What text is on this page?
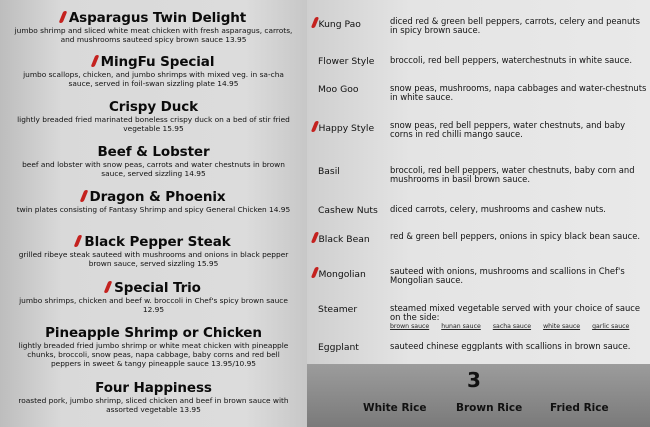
Asparagus Twin Delight
jumbo shrimp and sliced white meat chicken with fresh asparagus, carrots, and mushrooms sauteed spicy brown sauce 13.95
MingFu Special
jumbo scallops, chicken, and jumbo shrimps with mixed veg. in sa-cha sauce, served in foil-swan sizzling plate 14.95
Crispy Duck
lightly breaded fried marinated boneless crispy duck on a bed of stir fried vegetable 15.95
Beef & Lobster
beef and lobster with snow peas, carrots and water chestnuts in brown sauce, served sizzling 14.95
Dragon & Phoenix
twin plates consisting of Fantasy Shrimp and spicy General Chicken 14.95
Black Pepper Steak
grilled ribeye steak sauteed with mushrooms and onions in black pepper brown sauce, served sizzling 15.95
Special Trio
jumbo shrimps, chicken and beef w. broccoli in Chef's spicy brown sauce 12.95
Pineapple Shrimp or Chicken
lightly breaded fried jumbo shrimp or white meat chicken with pineapple chunks, broccoli, snow peas, napa cabbage, baby corns and red bell peppers in sweet & tangy pineapple sauce 13.95/10.95
Four Happiness
roasted pork, jumbo shrimp, sliced chicken and beef in brown sauce with assorted vegetable 13.95
Kung Pao	diced red & green bell peppers, carrots, celery and peanuts in spicy brown sauce.
Flower Style	broccoli, red bell peppers, waterchestnuts in white sauce.
Moo Goo	snow peas, mushrooms, napa cabbages and water-chestnuts in white sauce.
Happy Style	snow peas, red bell peppers, water chestnuts, and baby corns in red chilli mango sauce.
Basil	broccoli, red bell peppers, water chestnuts, baby corn and mushrooms in basil brown sauce.
Cashew Nuts	diced carrots, celery, mushrooms and cashew nuts.
Black Bean	red & green bell peppers, onions in spicy black bean sauce.
Mongolian	sauteed with onions, mushrooms and scallions in Chef's Mongolian sauce.
Steamer	steamed mixed vegetable served with your choice of sauce on the side:
brown sauce hunan sauce sacha sauce white sauce garlic sauce
Eggplant	sauteed chinese eggplants with scallions in brown sauce.
3
White Rice	Brown Rice	Fried Rice
